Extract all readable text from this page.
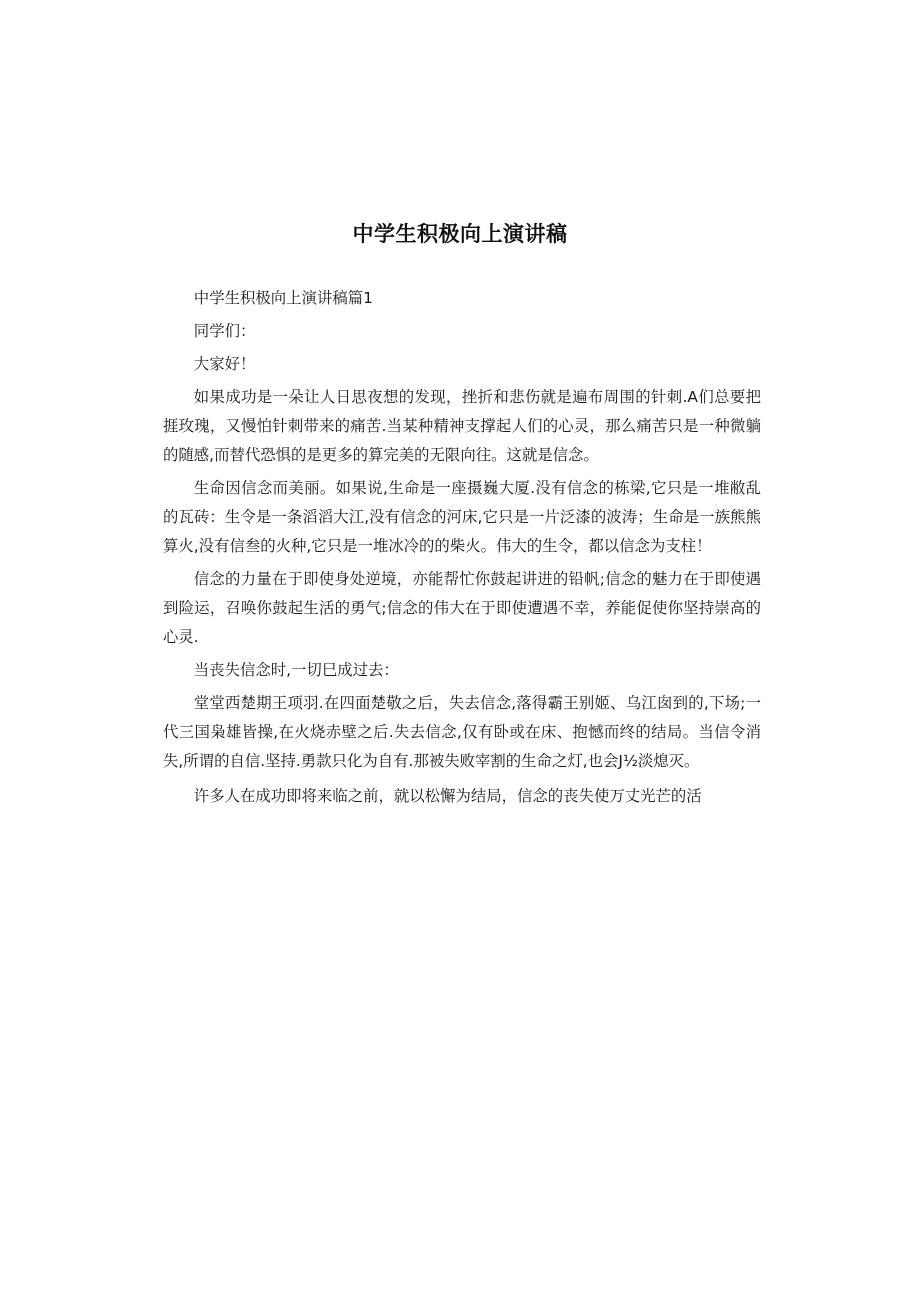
中学生积极向上演讲稿

中学生积极向上演讲稿篇1

同学们：

大家好！

如果成功是一朵让人日思夜想的发现，挫折和悲伤就是遍布周围的针刺.A们总要把捱玫瑰，又慢怕针刺带来的痛苦.当某种精神支撑起人们的心灵，那么痛苦只是一种微躺的随感,而替代恐惧的是更多的算完美的无限向往。这就是信念。

生命因信念而美丽。如果说,生命是一座摄巍大厦.没有信念的栋梁,它只是一堆敝乱的瓦砖：生令是一条滔滔大江,没有信念的河床,它只是一片泛漆的波涛；生命是一族熊熊算火,没有信叁的火种,它只是一堆冰冷的的柴火。伟大的生令，都以信念为支柱！

信念的力量在于即使身处逆境，亦能帮忙你鼓起讲进的铅帆;信念的魅力在于即使遇到险运，召唤你鼓起生活的勇气;信念的伟大在于即使遭遇不幸，养能促使你坚持崇高的心灵.

当丧失信念时,一切巳成过去：

堂堂西楚期王项羽.在四面楚敬之后，失去信念,落得霸王别姬、乌江囱到的,下场;一代三国枭雄皆操,在火烧赤壁之后.失去信念,仅有卧或在床、抱憾而终的结局。当信令消失,所谓的自信.坚持.勇款只化为自有.那被失败宰割的生命之灯,也会J½淡熄灭。

许多人在成功即将来临之前，就以松懈为结局，信念的丧失使万丈光芒的活
